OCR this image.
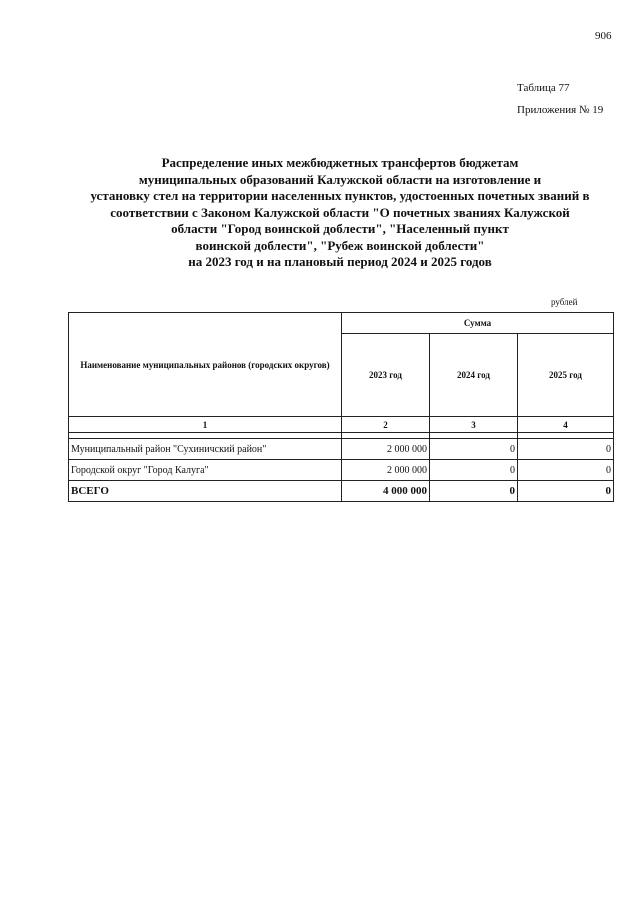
906
Таблица 77
Приложения № 19
Распределение иных межбюджетных трансфертов бюджетам
муниципальных образований Калужской области на изготовление и
установку стел на территории населенных пунктов, удостоенных почетных званий в
соответствии с Законом Калужской области "О почетных званиях Калужской
области "Город воинской доблести", "Населенный пункт
воинской доблести", "Рубеж воинской доблести"
на 2023 год и на плановый период 2024 и 2025 годов
рублей
Наименование муниципальных районов (городских округов)	Сумма		
	2023 год	2024 год	2025 год
1	2	3	4

Муниципальный район "Сухиничский район"	2 000 000	0	0
Городской округ "Город Калуга"	2 000 000	0	0
ВСЕГО	4 000 000	0	0
